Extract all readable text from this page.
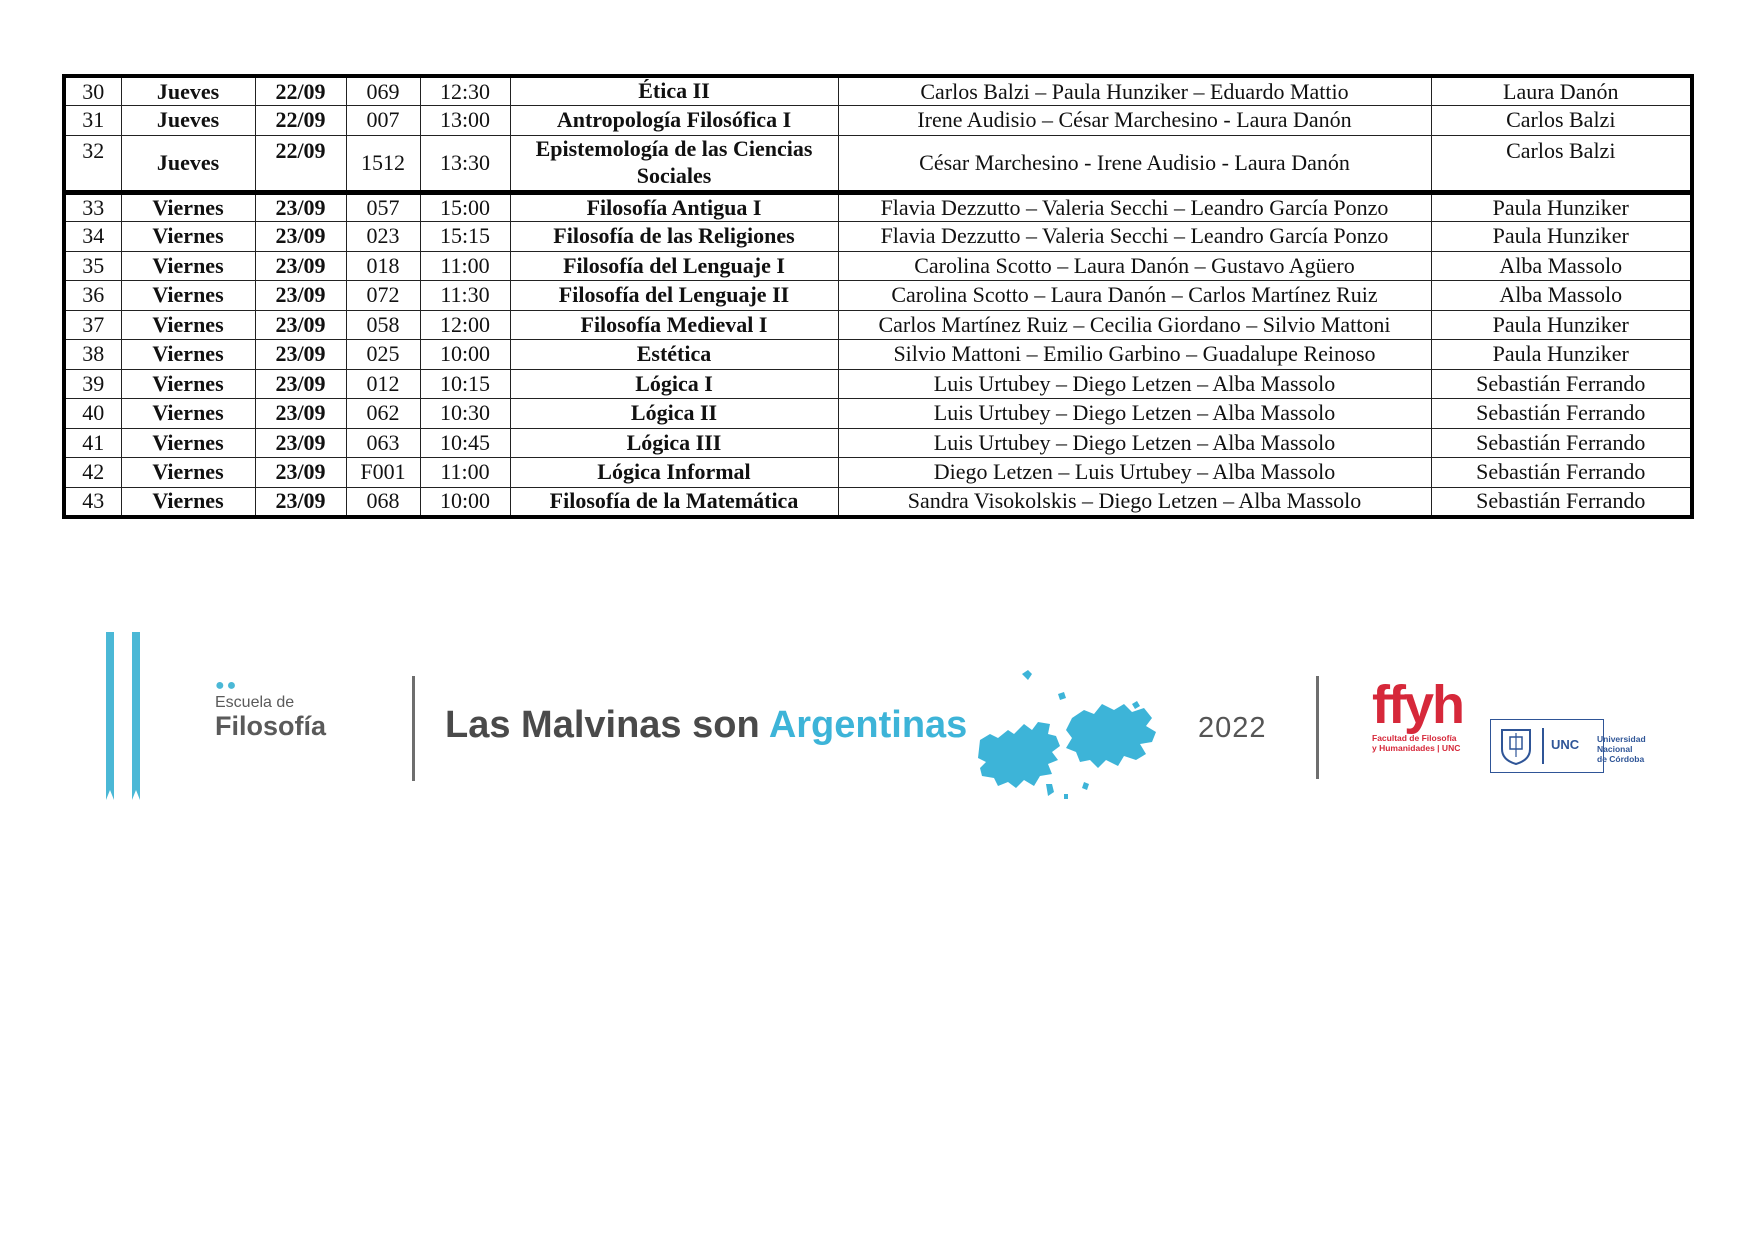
30	Jueves	22/09	069	12:30	Ética II	Carlos Balzi – Paula Hunziker – Eduardo Mattio	Laura Danón
31	Jueves	22/09	007	13:00	Antropología Filosófica I	Irene Audisio – César Marchesino - Laura Danón	Carlos Balzi
32	Jueves	22/09	1512	13:30	Epistemología de las Ciencias Sociales	César Marchesino - Irene Audisio - Laura Danón	Carlos Balzi
33	Viernes	23/09	057	15:00	Filosofía Antigua I	Flavia Dezzutto – Valeria Secchi – Leandro García Ponzo	Paula Hunziker
34	Viernes	23/09	023	15:15	Filosofía de las Religiones	Flavia Dezzutto – Valeria Secchi – Leandro García Ponzo	Paula Hunziker
35	Viernes	23/09	018	11:00	Filosofía del Lenguaje I	Carolina Scotto – Laura Danón – Gustavo Agüero	Alba Massolo
36	Viernes	23/09	072	11:30	Filosofía del Lenguaje II	Carolina Scotto – Laura Danón – Carlos Martínez Ruiz	Alba Massolo
37	Viernes	23/09	058	12:00	Filosofía Medieval I	Carlos Martínez Ruiz – Cecilia Giordano – Silvio Mattoni	Paula Hunziker
38	Viernes	23/09	025	10:00	Estética	Silvio Mattoni – Emilio Garbino – Guadalupe Reinoso	Paula Hunziker
39	Viernes	23/09	012	10:15	Lógica I	Luis Urtubey – Diego Letzen – Alba Massolo	Sebastián Ferrando
40	Viernes	23/09	062	10:30	Lógica II	Luis Urtubey – Diego Letzen – Alba Massolo	Sebastián Ferrando
41	Viernes	23/09	063	10:45	Lógica III	Luis Urtubey – Diego Letzen – Alba Massolo	Sebastián Ferrando
42	Viernes	23/09	F001	11:00	Lógica Informal	Diego Letzen – Luis Urtubey – Alba Massolo	Sebastián Ferrando
43	Viernes	23/09	068	10:00	Filosofía de la Matemática	Sandra Visokolskis – Diego Letzen – Alba Massolo	Sebastián Ferrando
●●
Escuela de
Filosofía	Las Malvinas son Argentinas	2022 ffyh
Facultad de Filosofía
y Humanidades | UNC	UNC Universidad
Nacional
de Córdoba
